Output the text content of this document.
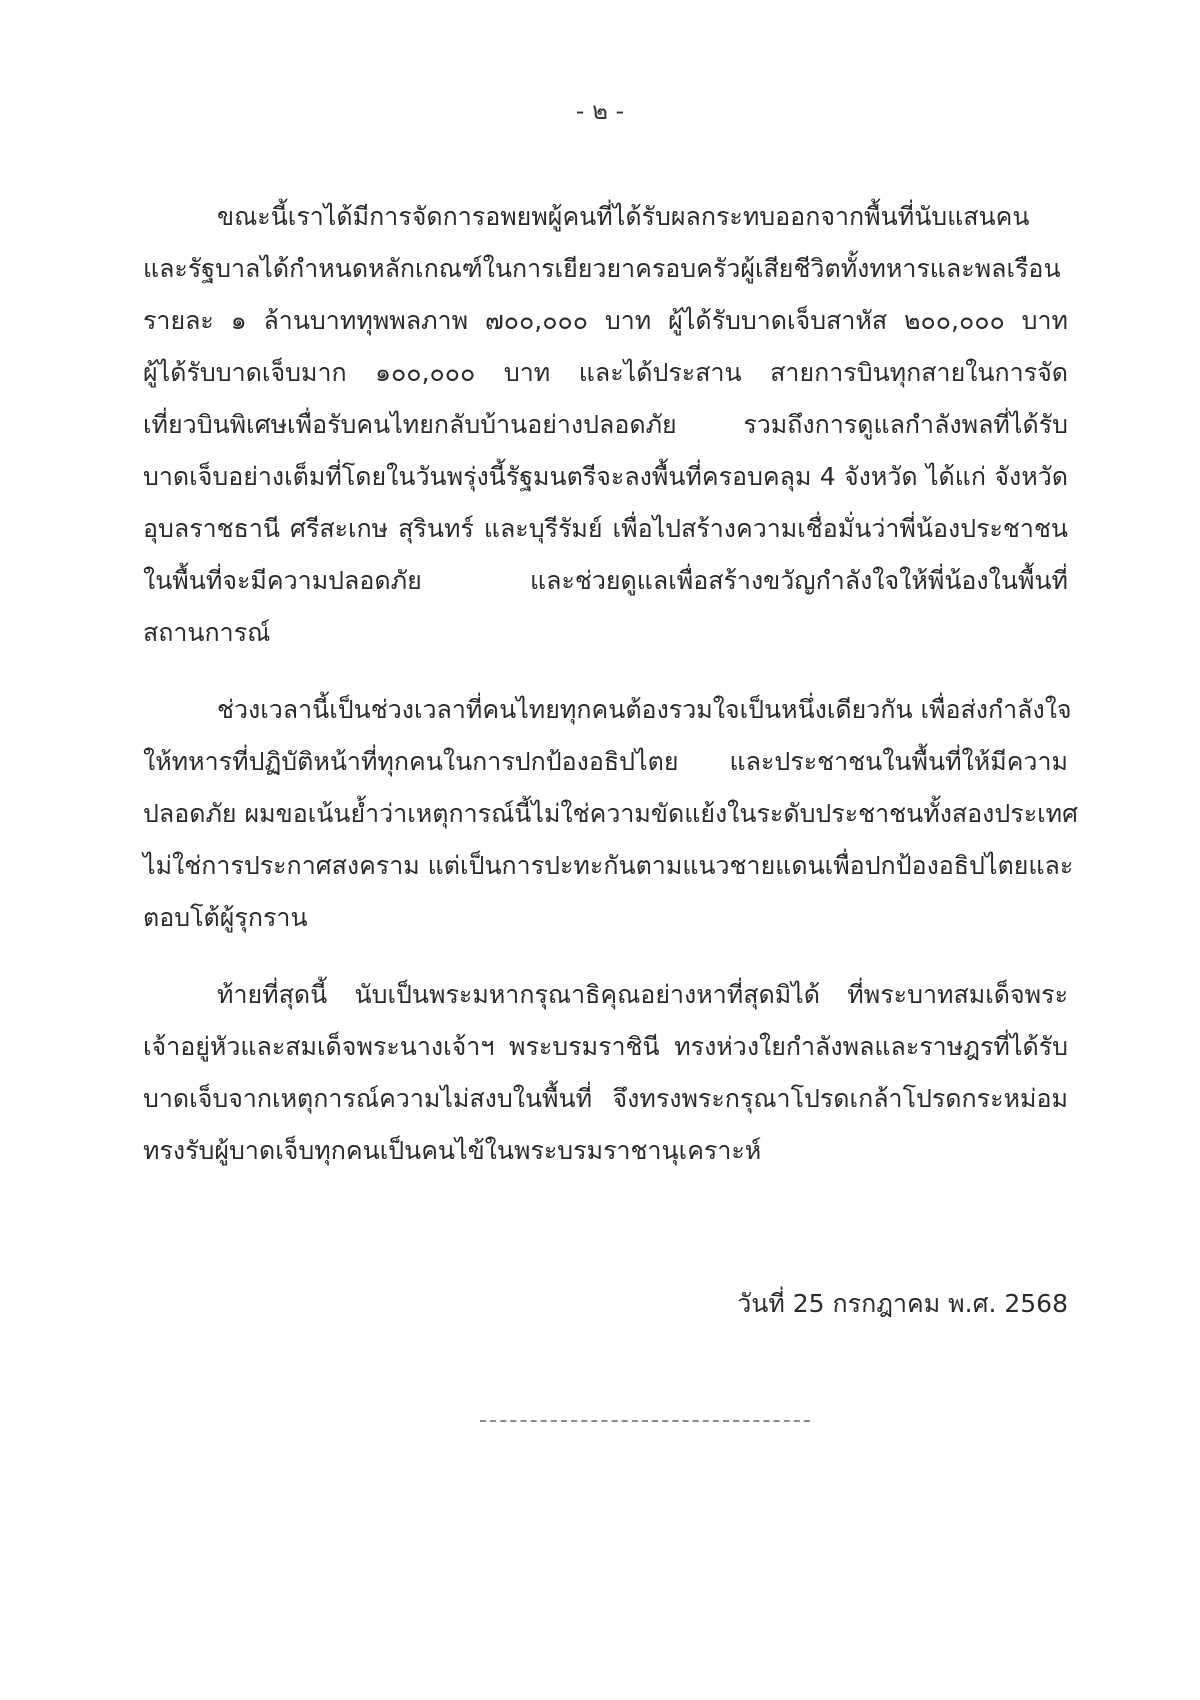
- ๒ -
ขณะนี้เราได้มีการจัดการอพยพผู้คนที่ได้รับผลกระทบออกจากพื้นที่นับแสนคน
และรัฐบาลได้กำหนดหลักเกณฑ์ในการเยียวยาครอบครัวผู้เสียชีวิตทั้งทหารและพลเรือน
รายละ ๑ ล้านบาททุพพลภาพ ๗๐๐,๐๐๐ บาท ผู้ได้รับบาดเจ็บสาหัส ๒๐๐,๐๐๐ บาท
ผู้ได้รับบาดเจ็บมาก ๑๐๐,๐๐๐ บาท และได้ประสาน สายการบินทุกสายในการจัด
เที่ยวบินพิเศษเพื่อรับคนไทยกลับบ้านอย่างปลอดภัย รวมถึงการดูแลกำลังพลที่ได้รับ
บาดเจ็บอย่างเต็มที่โดยในวันพรุ่งนี้รัฐมนตรีจะลงพื้นที่ครอบคลุม 4 จังหวัด ได้แก่ จังหวัด
อุบลราชธานี ศรีสะเกษ สุรินทร์ และบุรีรัมย์ เพื่อไปสร้างความเชื่อมั่นว่าพี่น้องประชาชน
ในพื้นที่จะมีความปลอดภัย และช่วยดูแลเพื่อสร้างขวัญกำลังใจให้พี่น้องในพื้นที่
สถานการณ์
ช่วงเวลานี้เป็นช่วงเวลาที่คนไทยทุกคนต้องรวมใจเป็นหนึ่งเดียวกัน เพื่อส่งกำลังใจ
ให้ทหารที่ปฏิบัติหน้าที่ทุกคนในการปกป้องอธิปไตย และประชาชนในพื้นที่ให้มีความ
ปลอดภัย ผมขอเน้นย้ำว่าเหตุการณ์นี้ไม่ใช่ความขัดแย้งในระดับประชาชนทั้งสองประเทศ
ไม่ใช่การประกาศสงคราม แต่เป็นการปะทะกันตามแนวชายแดนเพื่อปกป้องอธิปไตยและ
ตอบโต้ผู้รุกราน
ท้ายที่สุดนี้ นับเป็นพระมหากรุณาธิคุณอย่างหาที่สุดมิได้ ที่พระบาทสมเด็จพระ
เจ้าอยู่หัวและสมเด็จพระนางเจ้าฯ พระบรมราชินี ทรงห่วงใยกำลังพลและราษฎรที่ได้รับ
บาดเจ็บจากเหตุการณ์ความไม่สงบในพื้นที่ จึงทรงพระกรุณาโปรดเกล้าโปรดกระหม่อม
ทรงรับผู้บาดเจ็บทุกคนเป็นคนไข้ในพระบรมราชานุเคราะห์
วันที่ 25 กรกฎาคม พ.ศ. 2568
